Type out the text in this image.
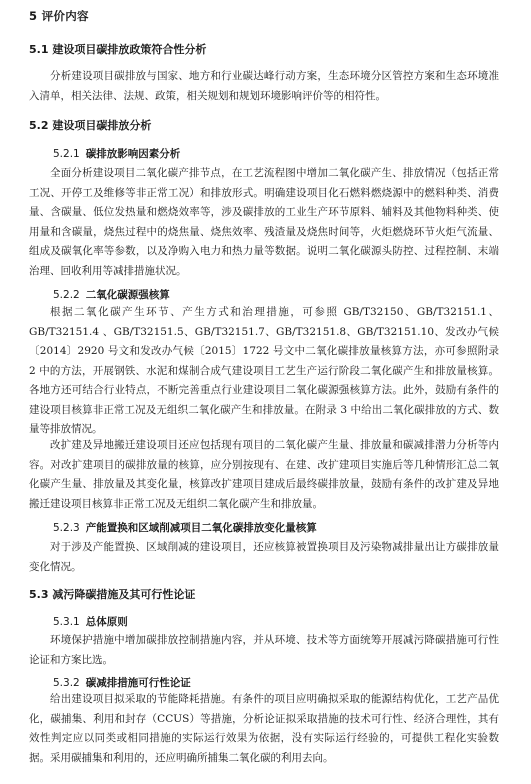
5 评价内容
5.1 建设项目碳排放政策符合性分析

分析建设项目碳排放与国家、地方和行业碳达峰行动方案，生态环境分区管控方案和生态环境准入清单，相关法律、法规、政策，相关规划和规划环境影响评价等的相符性。

5.2 建设项目碳排放分析
5.2.1 碳排放影响因素分析

全面分析建设项目二氧化碳产排节点，在工艺流程图中增加二氧化碳产生、排放情况（包括正常工况、开停工及维修等非正常工况）和排放形式。明确建设项目化石燃料燃烧源中的燃料种类、消费量、含碳量、低位发热量和燃烧效率等，涉及碳排放的工业生产环节原料、辅料及其他物料种类、使用量和含碳量，烧焦过程中的烧焦量、烧焦效率、残渣量及烧焦时间等，火炬燃烧环节火炬气流量、组成及碳氧化率等参数，以及净购入电力和热力量等数据。说明二氧化碳源头防控、过程控制、末端治理、回收利用等减排措施状况。

5.2.2 二氧化碳源强核算

根据二氧化碳产生环节、产生方式和治理措施，可参照 GB/T32150、GB/T32151.1、GB/T32151.4 、GB/T32151.5、GB/T32151.7、GB/T32151.8、GB/T32151.10、发改办气候〔2014〕2920 号文和发改办气候〔2015〕1722 号文中二氧化碳排放量核算方法，亦可参照附录 2 中的方法，开展钢铁、水泥和煤制合成气建设项目工艺生产运行阶段二氧化碳产生和排放量核算。各地方还可结合行业特点，不断完善重点行业建设项目二氧化碳源强核算方法。此外，鼓励有条件的建设项目核算非正常工况及无组织二氧化碳产生和排放量。在附录 3 中给出二氧化碳排放的方式、数量等排放情况。

改扩建及异地搬迁建设项目还应包括现有项目的二氧化碳产生量、排放量和碳减排潜力分析等内容。对改扩建项目的碳排放量的核算，应分别按现有、在建、改扩建项目实施后等几种情形汇总二氧化碳产生量、排放量及其变化量，核算改扩建项目建成后最终碳排放量，鼓励有条件的改扩建及异地搬迁建设项目核算非正常工况及无组织二氧化碳产生和排放量。

5.2.3 产能置换和区域削减项目二氧化碳排放变化量核算

对于涉及产能置换、区域削减的建设项目，还应核算被置换项目及污染物减排量出让方碳排放量变化情况。

5.3 减污降碳措施及其可行性论证
5.3.1 总体原则

环境保护措施中增加碳排放控制措施内容，并从环境、技术等方面统筹开展减污降碳措施可行性论证和方案比选。

5.3.2 碳减排措施可行性论证

给出建设项目拟采取的节能降耗措施。有条件的项目应明确拟采取的能源结构优化，工艺产品优化，碳捕集、利用和封存（CCUS）等措施，分析论证拟采取措施的技术可行性、经济合理性，其有效性判定应以同类或相同措施的实际运行效果为依据，没有实际运行经验的，可提供工程化实验数据。采用碳捕集和利用的，还应明确所捕集二氧化碳的利用去向。
